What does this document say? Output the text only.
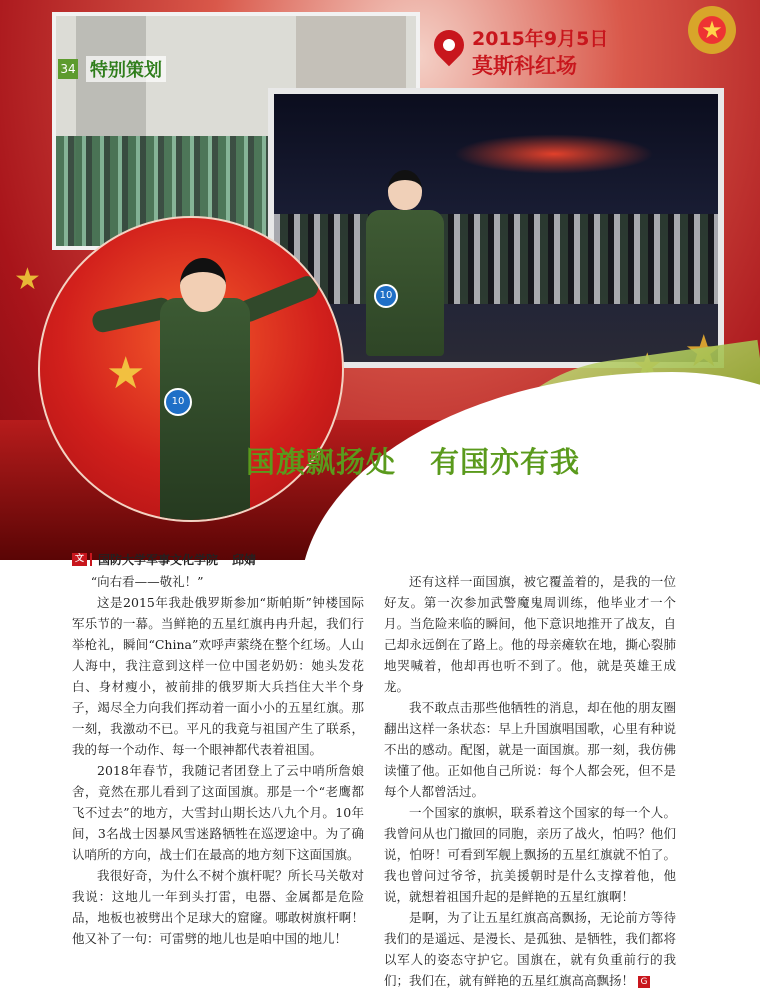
10
★
★
10
34 特别策划
2015年9月5日
莫斯科红场
★
国旗飘扬处 有国亦有我
文 国防大学军事文化学院 邱婧

“向右看——敬礼！”

这是2015年我赴俄罗斯参加“斯帕斯”钟楼国际军乐节的一幕。当鲜艳的五星红旗冉冉升起，我们行举枪礼，瞬间“China”欢呼声萦绕在整个红场。人山人海中，我注意到这样一位中国老奶奶：她头发花白、身材瘦小，被前排的俄罗斯大兵挡住大半个身子，竭尽全力向我们挥动着一面小小的五星红旗。那一刻，我激动不已。平凡的我竟与祖国产生了联系，我的每一个动作、每一个眼神都代表着祖国。

2018年春节，我随记者团登上了云中哨所詹娘舍，竟然在那儿看到了这面国旗。那是一个“老鹰都飞不过去”的地方，大雪封山期长达八九个月。10年间，3名战士因暴风雪迷路牺牲在巡逻途中。为了确认哨所的方向，战士们在最高的地方刻下这面国旗。

我很好奇，为什么不树个旗杆呢？所长马关敬对我说：这地儿一年到头打雷，电器、金属都是危险品，地板也被劈出个足球大的窟窿。哪敢树旗杆啊！他又补了一句：可雷劈的地儿也是咱中国的地儿！

还有这样一面国旗，被它覆盖着的，是我的一位好友。第一次参加武警魔鬼周训练，他毕业才一个月。当危险来临的瞬间，他下意识地推开了战友，自己却永远倒在了路上。他的母亲瘫软在地，撕心裂肺地哭喊着，他却再也听不到了。他，就是英雄王成龙。

我不敢点击那些他牺牲的消息，却在他的朋友圈翻出这样一条状态：早上升国旗唱国歌，心里有种说不出的感动。配图，就是一面国旗。那一刻，我仿佛读懂了他。正如他自己所说：每个人都会死，但不是每个人都曾活过。

一个国家的旗帜，联系着这个国家的每一个人。我曾问从也门撤回的同胞，亲历了战火，怕吗？他们说，怕呀！可看到军舰上飘扬的五星红旗就不怕了。我也曾问过爷爷，抗美援朝时是什么支撑着他，他说，就想着祖国升起的是鲜艳的五星红旗啊！

是啊，为了让五星红旗高高飘扬，无论前方等待我们的是遥远、是漫长、是孤独、是牺牲，我们都将以军人的姿态守护它。国旗在，就有负重前行的我们；我们在，就有鲜艳的五星红旗高高飘扬！ G
